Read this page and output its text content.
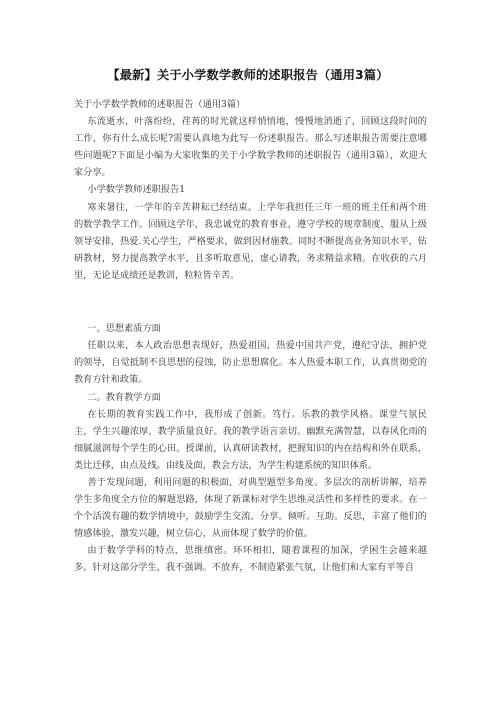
【最新】关于小学数学教师的述职报告（通用3篇）

关于小学数学教师的述职报告（通用3篇）

东流逝水，叶落纷纷，荏苒的时光就这样悄悄地，慢慢地消逝了，回顾这段时间的工作，你有什么成长呢?需要认真地为此写一份述职报告。那么写述职报告需要注意哪些问题呢?下面是小编为大家收集的关于小学数学教师的述职报告（通用3篇），欢迎大家分享。

小学数学教师述职报告1

寒来暑往，一学年的辛苦耕耘已经结束。上学年我担任三年一班的班主任和两个班的数学教学工作。回顾这学年，我忠诚党的教育事业，遵守学校的规章制度，服从上级领导安排，热爱.关心学生，严格要求，做到因材施教。同时不断提高业务知识水平，钻研教材，努力提高教学水平，且多听取意见，虚心请教，务求精益求精。在收获的六月里，无论是成绩还是教训，粒粒皆辛苦。

一。思想素质方面

任职以来，本人政治思想表现好，热爱祖国，热爱中国共产党，遵纪守法，拥护党的领导，自觉抵制不良思想的侵蚀，防止思想腐化。本人热爱本职工作，认真贯彻党的教育方针和政策。

二。教育教学方面

在长期的教育实践工作中，我形成了创新。笃行。乐教的教学风格。课堂气氛民主，学生兴趣浓厚，教学质量良好。我的教学语言亲切。幽默充满智慧，以春风化雨的细腻滋润每个学生的心田。授课前，认真研读教材，把握知识的内在结构和外在联系，类比迁移，由点及线。由线及面，教会方法，为学生构建系统的知识体系。

善于发现问题，利用问题的积极面，对典型题型多角度。多层次的剖析讲解，培养学生多角度全方位的解题思路，体现了新课标对学生思维灵活性和多样性的要求。在一个个活泼有趣的数学情境中，鼓励学生交流。分享。倾听。互助。反思，丰富了他们的情感体验，激发兴趣，树立信心，从而体现了数学的价值。

由于数学学科的特点，思维缜密。环环相扣，随着课程的加深，学困生会越来越多。针对这部分学生，我不强调。不放弃，不制造紧张气氛，让他们和大家有平等自
